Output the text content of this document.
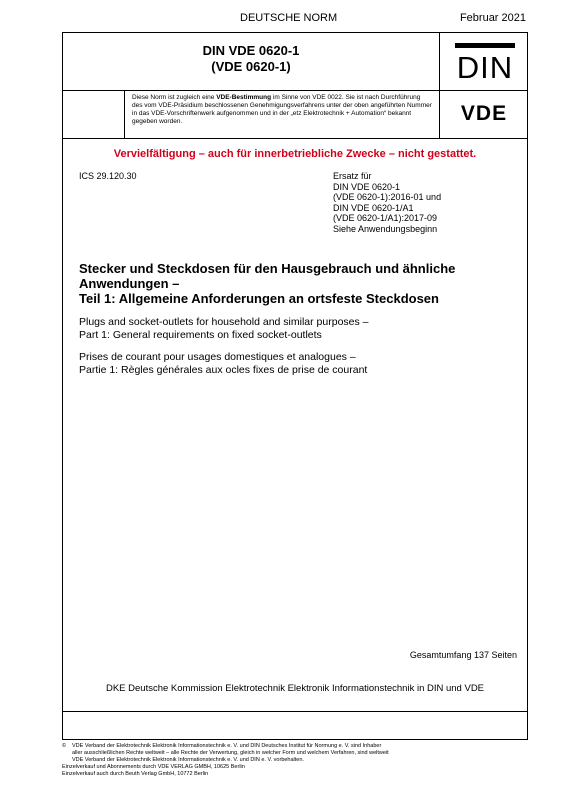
DEUTSCHE NORM	Februar 2021
DIN VDE 0620-1
(VDE 0620-1)	DIN
Diese Norm ist zugleich eine VDE-Bestimmung im Sinne von VDE 0022. Sie ist nach Durchführung des vom VDE-Präsidium beschlossenen Genehmigungsverfahrens unter der oben angeführten Nummer in das VDE-Vorschriftenwerk aufgenommen und in der „etz Elektrotechnik + Automation“ bekannt gegeben worden.	VDE
Vervielfältigung – auch für innerbetriebliche Zwecke – nicht gestattet.
ICS 29.120.30	Ersatz für
DIN VDE 0620-1
(VDE 0620-1):2016-01 und
DIN VDE 0620-1/A1
(VDE 0620-1/A1):2017-09
Siehe Anwendungsbeginn
Stecker und Steckdosen für den Hausgebrauch und ähnliche
Anwendungen –
Teil 1: Allgemeine Anforderungen an ortsfeste Steckdosen
Plugs and socket-outlets for household and similar purposes –
Part 1: General requirements on fixed socket-outlets
Prises de courant pour usages domestiques et analogues –
Partie 1: Règles générales aux ocles fixes de prise de courant
Gesamtumfang 137 Seiten
DKE Deutsche Kommission Elektrotechnik Elektronik Informationstechnik in DIN und VDE
© VDE Verband der Elektrotechnik Elektronik Informationstechnik e. V. und DIN Deutsches Institut für Normung e. V. sind Inhaber
aller ausschließlichen Rechte weltweit – alle Rechte der Verwertung, gleich in welcher Form und welchem Verfahren, sind weltweit
VDE Verband der Elektrotechnik Elektronik Informationstechnik e. V. und DIN e. V. vorbehalten.
Einzelverkauf und Abonnements durch VDE VERLAG GMBH, 10625 Berlin
Einzelverkauf auch durch Beuth Verlag GmbH, 10772 Berlin
